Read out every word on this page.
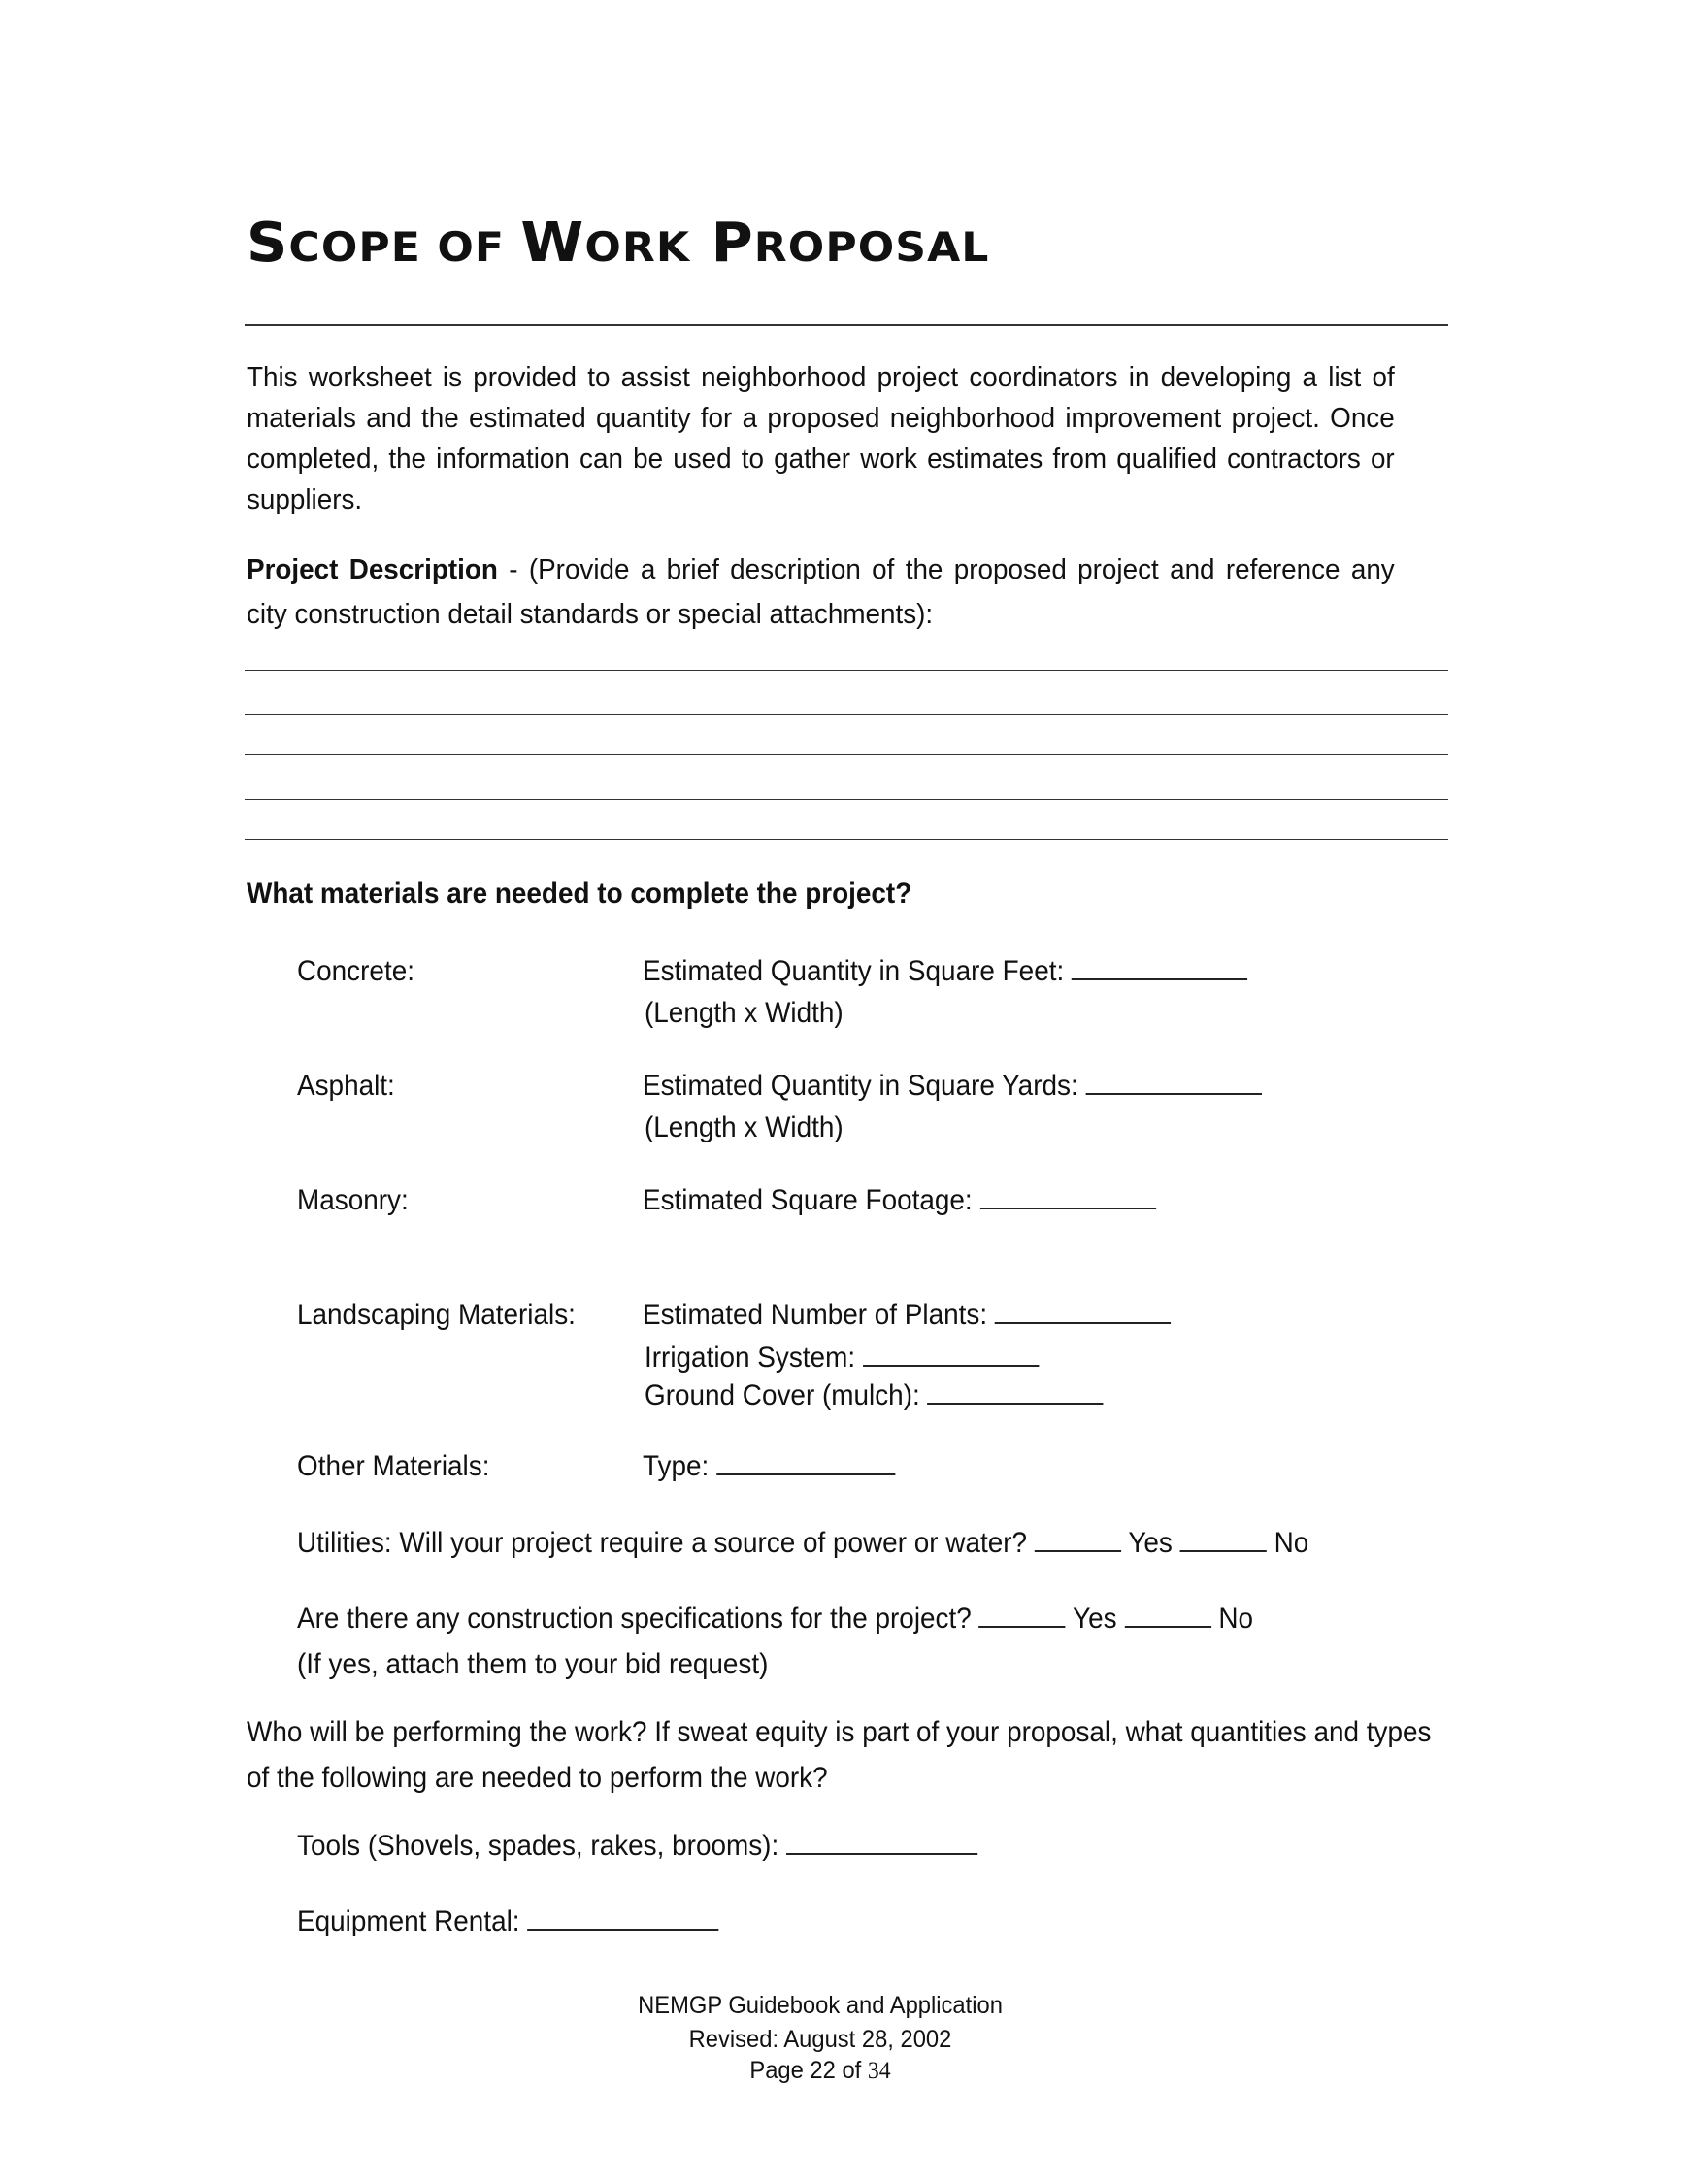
SCOPE OF WORK PROPOSAL
This worksheet is provided to assist neighborhood project coordinators in developing a list of materials and the estimated quantity for a proposed neighborhood improvement project. Once completed, the information can be used to gather work estimates from qualified contractors or suppliers.
Project Description - (Provide a brief description of the proposed project and reference any city construction detail standards or special attachments):
What materials are needed to complete the project?
Concrete:	Estimated Quantity in Square Feet:
(Length x Width)
Asphalt:	Estimated Quantity in Square Yards:
(Length x Width)
Masonry:	Estimated Square Footage:
Landscaping Materials: Estimated Number of Plants:
Irrigation System:
Ground Cover (mulch):
Other Materials:	Type:
Utilities: Will your project require a source of power or water?	Yes	No
Are there any construction specifications for the project?	Yes	No
(If yes, attach them to your bid request)
Who will be performing the work? If sweat equity is part of your proposal, what quantities and types
of the following are needed to perform the work?
Tools (Shovels, spades, rakes, brooms):
Equipment Rental:
NEMGP Guidebook and Application
Revised: August 28, 2002
Page 22 of 34
